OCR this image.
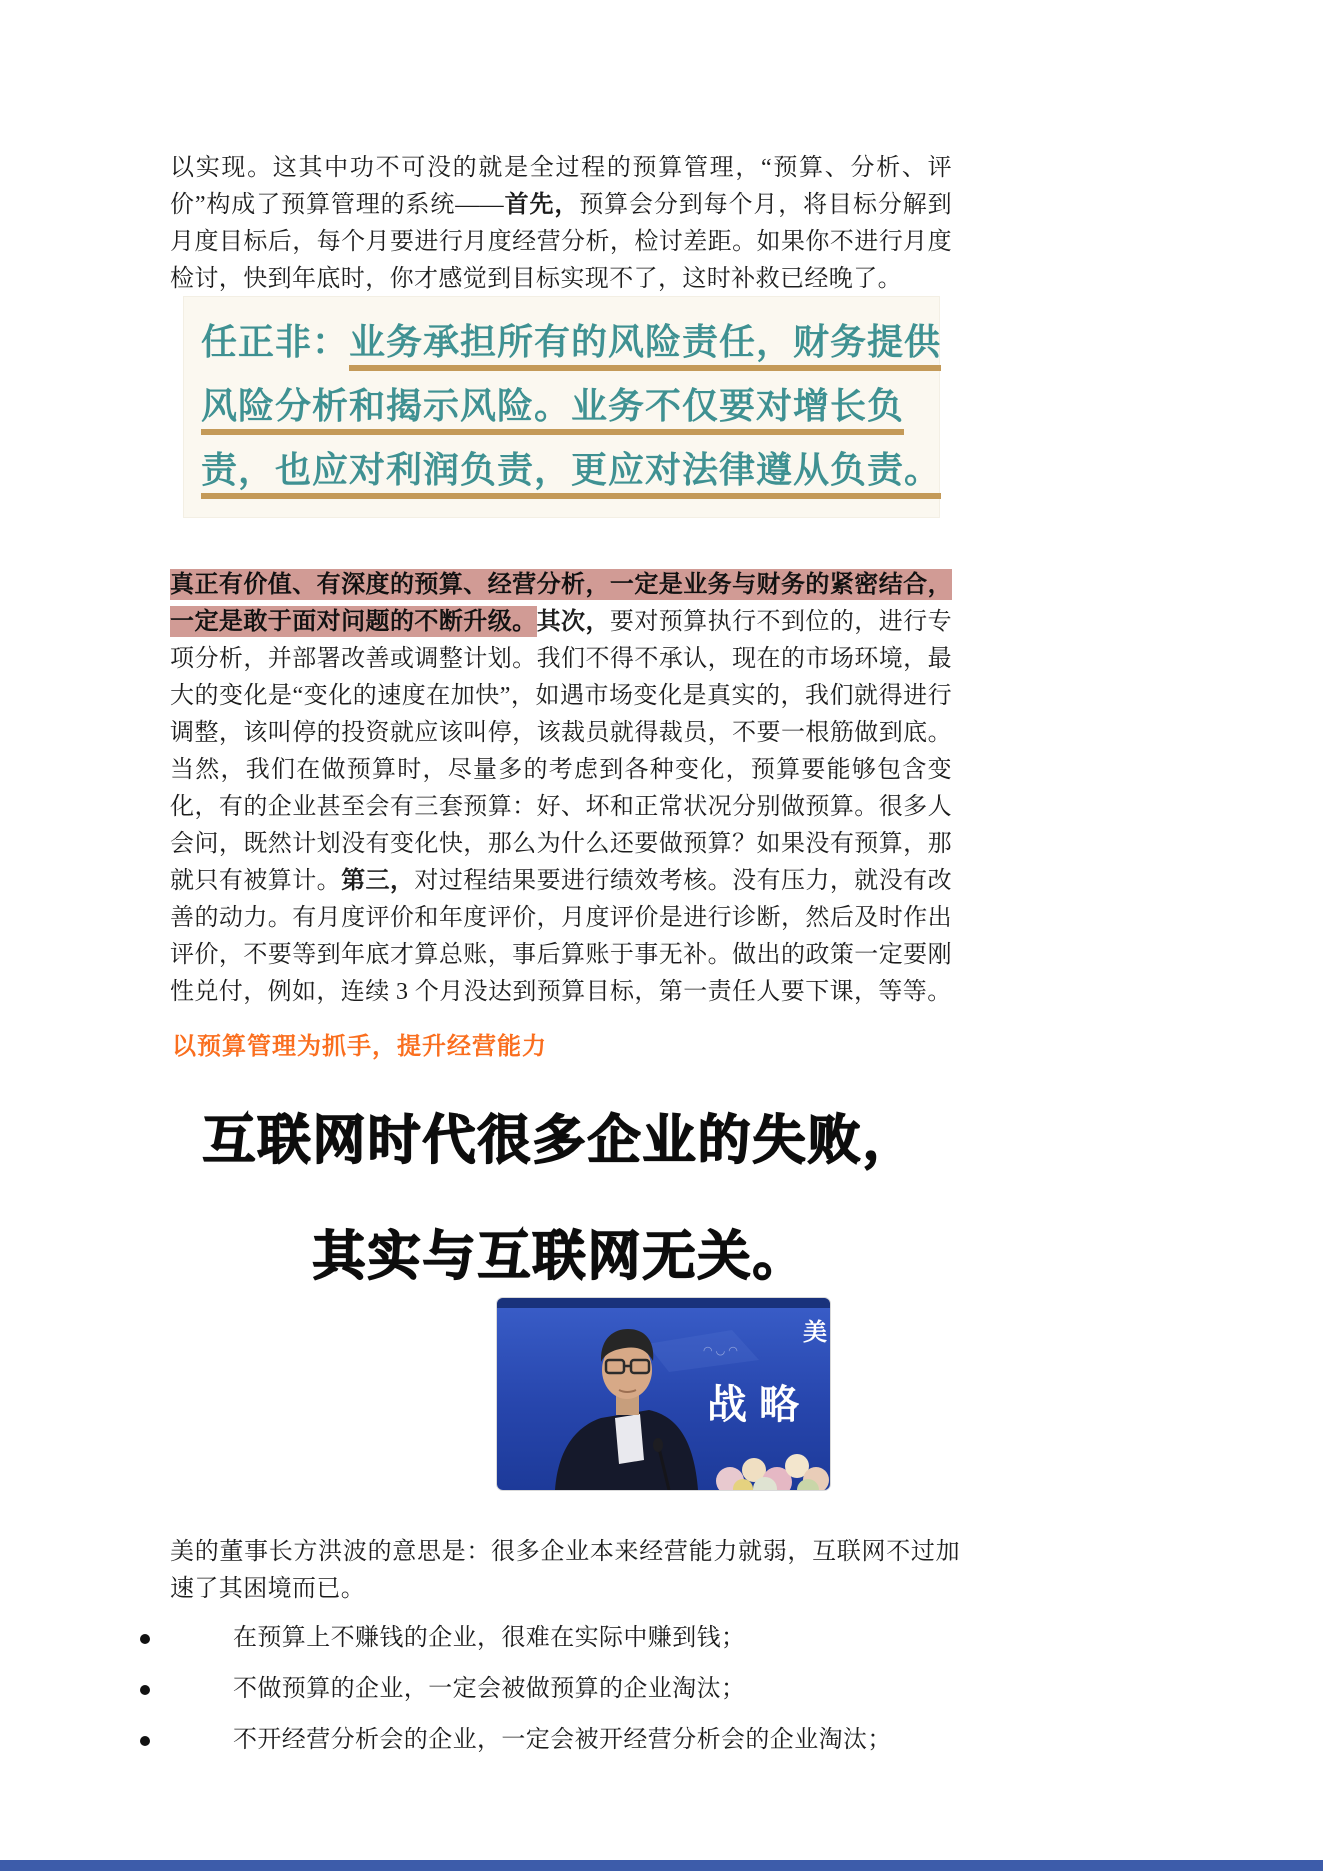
以实现。这其中功不可没的就是全过程的预算管理，“预算、分析、评价”构成了预算管理的系统——首先，预算会分到每个月，将目标分解到月度目标后，每个月要进行月度经营分析，检讨差距。如果你不进行月度检讨，快到年底时，你才感觉到目标实现不了，这时补救已经晚了。

任正非：业务承担所有的风险责任，财务提供
风险分析和揭示风险。业务不仅要对增长负
责，也应对利润负责，更应对法律遵从负责。

真正有价值、有深度的预算、经营分析，一定是业务与财务的紧密结合，一定是敢于面对问题的不断升级。其次，要对预算执行不到位的，进行专项分析，并部署改善或调整计划。我们不得不承认，现在的市场环境，最大的变化是“变化的速度在加快”，如遇市场变化是真实的，我们就得进行调整，该叫停的投资就应该叫停，该裁员就得裁员，不要一根筋做到底。当然，我们在做预算时，尽量多的考虑到各种变化，预算要能够包含变化，有的企业甚至会有三套预算：好、坏和正常状况分别做预算。很多人会问，既然计划没有变化快，那么为什么还要做预算？如果没有预算，那就只有被算计。第三，对过程结果要进行绩效考核。没有压力，就没有改善的动力。有月度评价和年度评价，月度评价是进行诊断，然后及时作出评价，不要等到年底才算总账，事后算账于事无补。做出的政策一定要刚性兑付，例如，连续 3 个月没达到预算目标，第一责任人要下课，等等。

以预算管理为抓手，提升经营能力
互联网时代很多企业的失败，
其实与互联网无关。
◠ ◡ ◠
美
战略

美的董事长方洪波的意思是：很多企业本来经营能力就弱，互联网不过加速了其困境而已。

在预算上不赚钱的企业，很难在实际中赚到钱；
不做预算的企业，一定会被做预算的企业淘汰；
不开经营分析会的企业，一定会被开经营分析会的企业淘汰；
